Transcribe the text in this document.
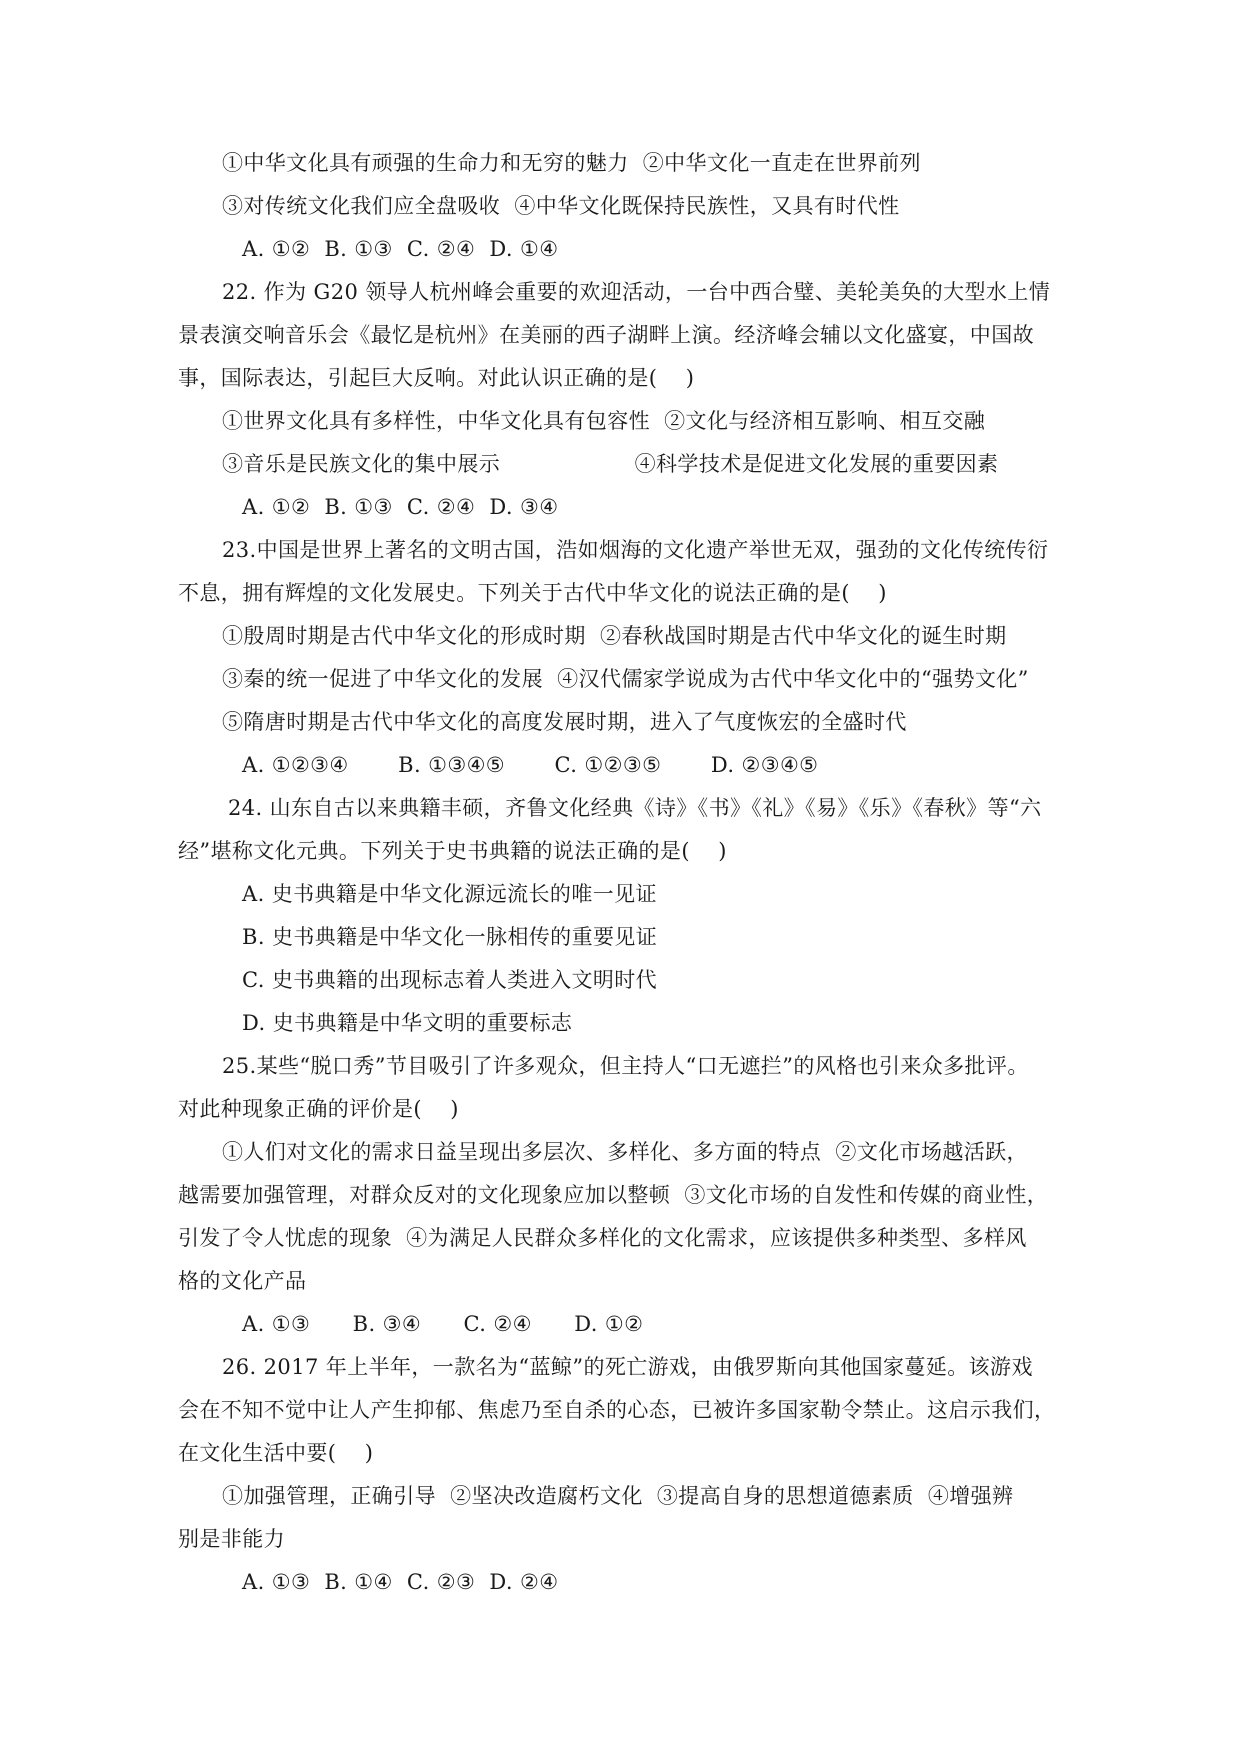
①中华文化具有顽强的生命力和无穷的魅力  ②中华文化一直走在世界前列
③对传统文化我们应全盘吸收  ④中华文化既保持民族性，又具有时代性
A. ①②  B. ①③  C. ②④  D. ①④
22. 作为 G20 领导人杭州峰会重要的欢迎活动，一台中西合璧、美轮美奂的大型水上情
景表演交响音乐会《最忆是杭州》在美丽的西子湖畔上演。经济峰会辅以文化盛宴，中国故
事，国际表达，引起巨大反响。对此认识正确的是(    )
①世界文化具有多样性，中华文化具有包容性  ②文化与经济相互影响、相互交融
③音乐是民族文化的集中展示                   ④科学技术是促进文化发展的重要因素
A. ①②  B. ①③  C. ②④  D. ③④
23.中国是世界上著名的文明古国，浩如烟海的文化遗产举世无双，强劲的文化传统传衍
不息，拥有辉煌的文化发展史。下列关于古代中华文化的说法正确的是(    )
①殷周时期是古代中华文化的形成时期  ②春秋战国时期是古代中华文化的诞生时期
③秦的统一促进了中华文化的发展  ④汉代儒家学说成为古代中华文化中的“强势文化”
⑤隋唐时期是古代中华文化的高度发展时期，进入了气度恢宏的全盛时代
A. ①②③④       B. ①③④⑤       C. ①②③⑤       D. ②③④⑤
24. 山东自古以来典籍丰硕，齐鲁文化经典《诗》《书》《礼》《易》《乐》《春秋》等“六
经”堪称文化元典。下列关于史书典籍的说法正确的是(    )
A. 史书典籍是中华文化源远流长的唯一见证
B. 史书典籍是中华文化一脉相传的重要见证
C. 史书典籍的出现标志着人类进入文明时代
D. 史书典籍是中华文明的重要标志
25.某些“脱口秀”节目吸引了许多观众，但主持人“口无遮拦”的风格也引来众多批评。
对此种现象正确的评价是(    )
①人们对文化的需求日益呈现出多层次、多样化、多方面的特点  ②文化市场越活跃，
越需要加强管理，对群众反对的文化现象应加以整顿  ③文化市场的自发性和传媒的商业性，
引发了令人忧虑的现象  ④为满足人民群众多样化的文化需求，应该提供多种类型、多样风
格的文化产品
A. ①③      B. ③④      C. ②④      D. ①②
26. 2017 年上半年，一款名为“蓝鲸”的死亡游戏，由俄罗斯向其他国家蔓延。该游戏
会在不知不觉中让人产生抑郁、焦虑乃至自杀的心态，已被许多国家勒令禁止。这启示我们，
在文化生活中要(    )
①加强管理，正确引导  ②坚决改造腐朽文化  ③提高自身的思想道德素质  ④增强辨
别是非能力
A. ①③  B. ①④  C. ②③  D. ②④
